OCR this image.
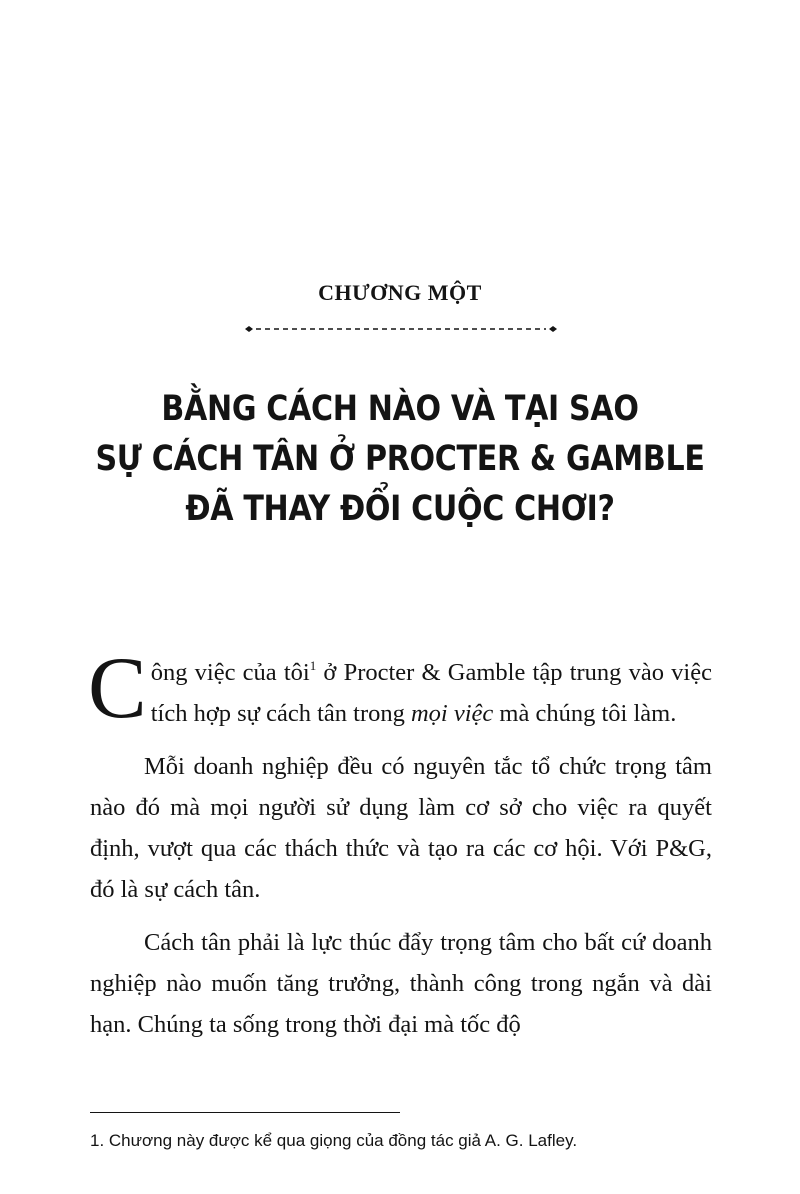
CHƯƠNG MỘT
BẰNG CÁCH NÀO VÀ TẠI SAO
SỰ CÁCH TÂN Ở PROCTER & GAMBLE
ĐÃ THAY ĐỔI CUỘC CHƠI?

Công việc của tôi$^1$ ở Procter & Gamble tập trung vào việc tích hợp sự cách tân trong mọi việc mà chúng tôi làm.

Mỗi doanh nghiệp đều có nguyên tắc tổ chức trọng tâm nào đó mà mọi người sử dụng làm cơ sở cho việc ra quyết định, vượt qua các thách thức và tạo ra các cơ hội. Với P&G, đó là sự cách tân.

Cách tân phải là lực thúc đẩy trọng tâm cho bất cứ doanh nghiệp nào muốn tăng trưởng, thành công trong ngắn và dài hạn. Chúng ta sống trong thời đại mà tốc độ

1. Chương này được kể qua giọng của đồng tác giả A. G. Lafley.
